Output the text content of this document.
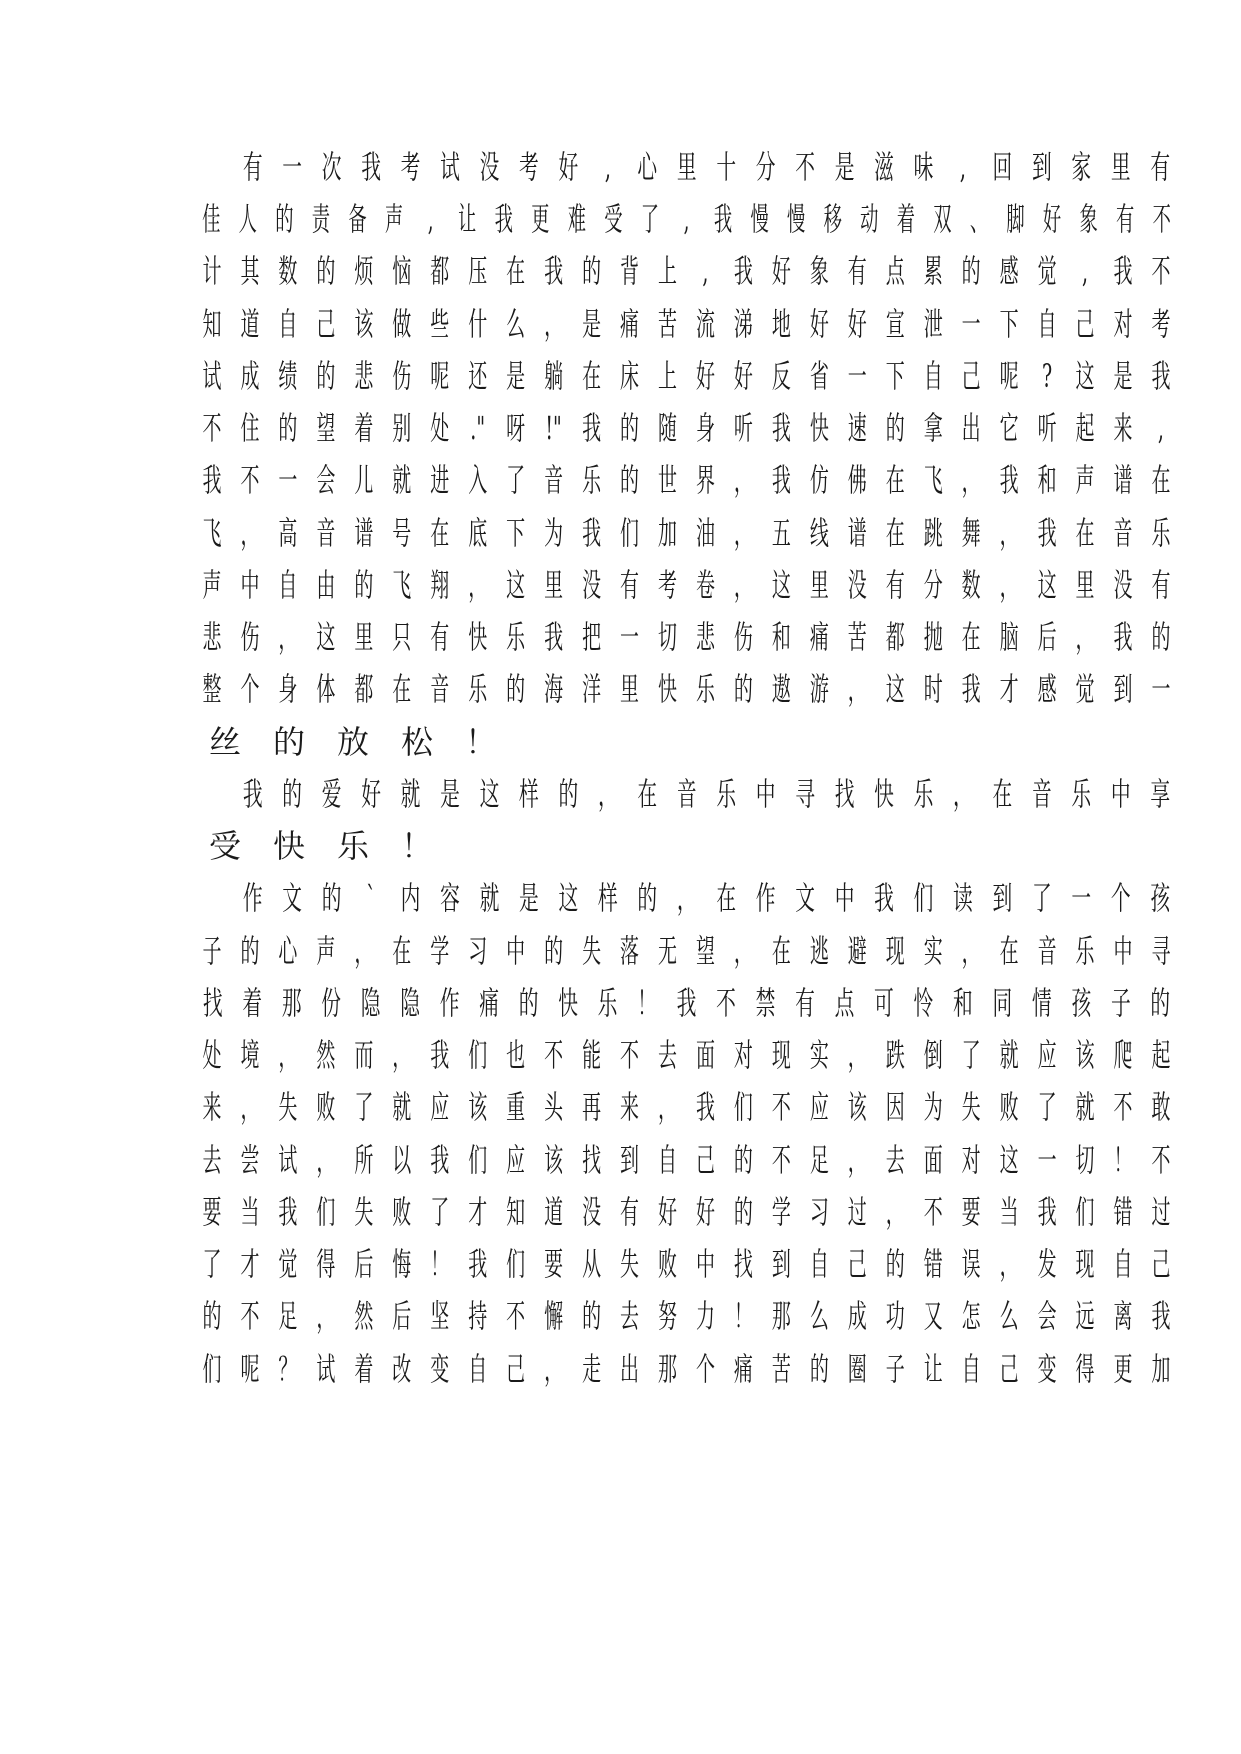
有 一 次 我 考 试 没 考 好 , 心 里 十 分 不 是 滋 味 , 回 到 家 里 有
佳 人 的 责 备 声 , 让 我 更 难 受 了 , 我 慢 慢 移 动 着 双 、 脚 好 象 有 不
计 其 数 的 烦 恼 都 压 在 我 的 背 上 , 我 好 象 有 点 累 的 感 觉 , 我 不
知 道 自 己 该 做 些 什 么 ， 是 痛 苦 流 涕 地 好 好 宣 泄 一 下 自 己 对 考
试 成 绩 的 悲 伤 呢 还 是 躺 在 床 上 好 好 反 省 一 下 自 己 呢 ? 这 是 我
不 住 的 望 着 别 处 ." 呀 !" 我 的 随 身 听 我 快 速 的 拿 出 它 听 起 来 ,
我 不 一 会 儿 就 进 入 了 音 乐 的 世 界 ， 我 仿 佛 在 飞 ， 我 和 声 谱 在
飞 ， 高 音 谱 号 在 底 下 为 我 们 加 油 ， 五 线 谱 在 跳 舞 ， 我 在 音 乐
声 中 自 由 的 飞 翔 ， 这 里 没 有 考 卷 ， 这 里 没 有 分 数 ， 这 里 没 有
悲 伤 ， 这 里 只 有 快 乐 我 把 一 切 悲 伤 和 痛 苦 都 抛 在 脑 后 ， 我 的
整 个 身 体 都 在 音 乐 的 海 洋 里 快 乐 的 遨 游 ， 这 时 我 才 感 觉 到 一
丝 的 放 松 ！
我 的 爱 好 就 是 这 样 的 ， 在 音 乐 中 寻 找 快 乐 ， 在 音 乐 中 享
受 快 乐 ！
作 文 的 ` 内 容 就 是 这 样 的 ， 在 作 文 中 我 们 读 到 了 一 个 孩
子 的 心 声 ， 在 学 习 中 的 失 落 无 望 ， 在 逃 避 现 实 ， 在 音 乐 中 寻
找 着 那 份 隐 隐 作 痛 的 快 乐 ！ 我 不 禁 有 点 可 怜 和 同 情 孩 子 的
处 境 ， 然 而 ， 我 们 也 不 能 不 去 面 对 现 实 ， 跌 倒 了 就 应 该 爬 起
来 ， 失 败 了 就 应 该 重 头 再 来 ， 我 们 不 应 该 因 为 失 败 了 就 不 敢
去 尝 试 ， 所 以 我 们 应 该 找 到 自 己 的 不 足 ， 去 面 对 这 一 切 ！ 不
要 当 我 们 失 败 了 才 知 道 没 有 好 好 的 学 习 过 ， 不 要 当 我 们 错 过
了 才 觉 得 后 悔 ！ 我 们 要 从 失 败 中 找 到 自 己 的 错 误 ， 发 现 自 己
的 不 足 ， 然 后 坚 持 不 懈 的 去 努 力 ！ 那 么 成 功 又 怎 么 会 远 离 我
们 呢 ？ 试 着 改 变 自 己 ， 走 出 那 个 痛 苦 的 圈 子 让 自 己 变 得 更 加
